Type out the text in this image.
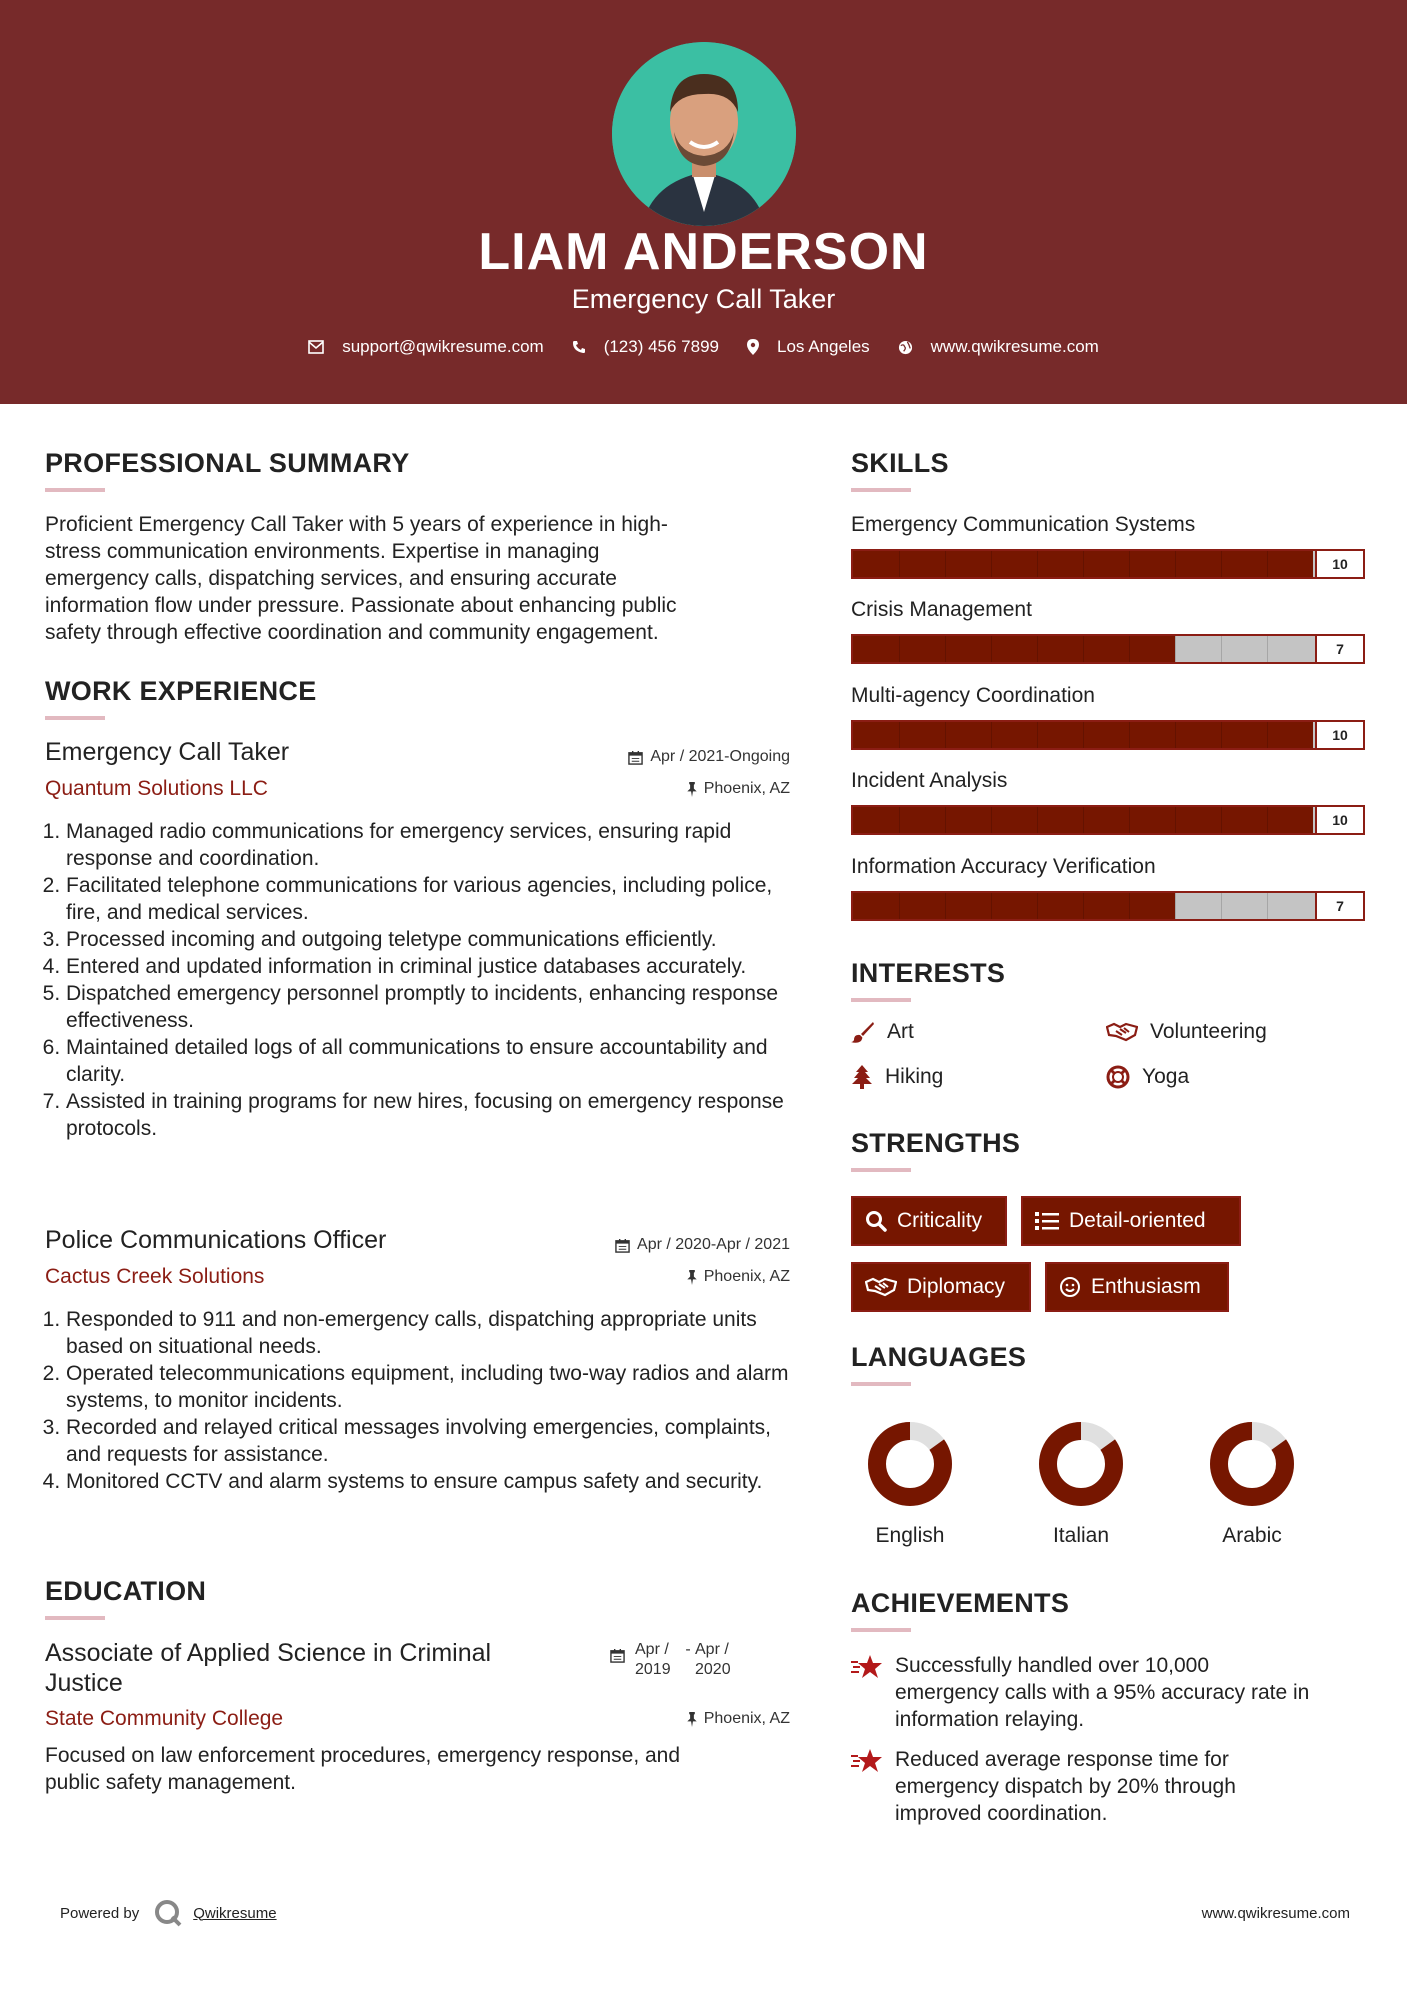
LIAM ANDERSON
Emergency Call Taker
support@qwikresume.com	(123) 456 7899	Los Angeles	www.qwikresume.com
PROFESSIONAL SUMMARY
Proficient Emergency Call Taker with 5 years of experience in high-
stress communication environments. Expertise in managing
emergency calls, dispatching services, and ensuring accurate
information flow under pressure. Passionate about enhancing public
safety through effective coordination and community engagement.
WORK EXPERIENCE
Emergency Call Taker	Apr / 2021-Ongoing
Quantum Solutions LLC	Phoenix, AZ
1. Managed radio communications for emergency services, ensuring rapid response and coordination.
2. Facilitated telephone communications for various agencies, including police, fire, and medical services.
3. Processed incoming and outgoing teletype communications efficiently.
4. Entered and updated information in criminal justice databases accurately.
5. Dispatched emergency personnel promptly to incidents, enhancing response effectiveness.
6. Maintained detailed logs of all communications to ensure accountability and clarity.
7. Assisted in training programs for new hires, focusing on emergency response protocols.
Police Communications Officer	Apr / 2020-Apr / 2021
Cactus Creek Solutions	Phoenix, AZ
1. Responded to 911 and non-emergency calls, dispatching appropriate units based on situational needs.
2. Operated telecommunications equipment, including two-way radios and alarm systems, to monitor incidents.
3. Recorded and relayed critical messages involving emergencies, complaints, and requests for assistance.
4. Monitored CCTV and alarm systems to ensure campus safety and security.
EDUCATION
Associate of Applied Science in Criminal
Justice
Apr / 2019
- Apr / 2020
State Community College	Phoenix, AZ
Focused on law enforcement procedures, emergency response, and
public safety management.
SKILLS
Emergency Communication Systems
10
Crisis Management
7
Multi-agency Coordination
10
Incident Analysis
10
Information Accuracy Verification
7
INTERESTS
Art	Volunteering
Hiking	Yoga
STRENGTHS
Criticality	Detail-oriented
Diplomacy	Enthusiasm
LANGUAGES
English	Italian	Arabic
ACHIEVEMENTS
Successfully handled over 10,000
emergency calls with a 95% accuracy rate in
information relaying.
Reduced average response time for
emergency dispatch by 20% through
improved coordination.
Powered by	Qwikresume	www.qwikresume.com
